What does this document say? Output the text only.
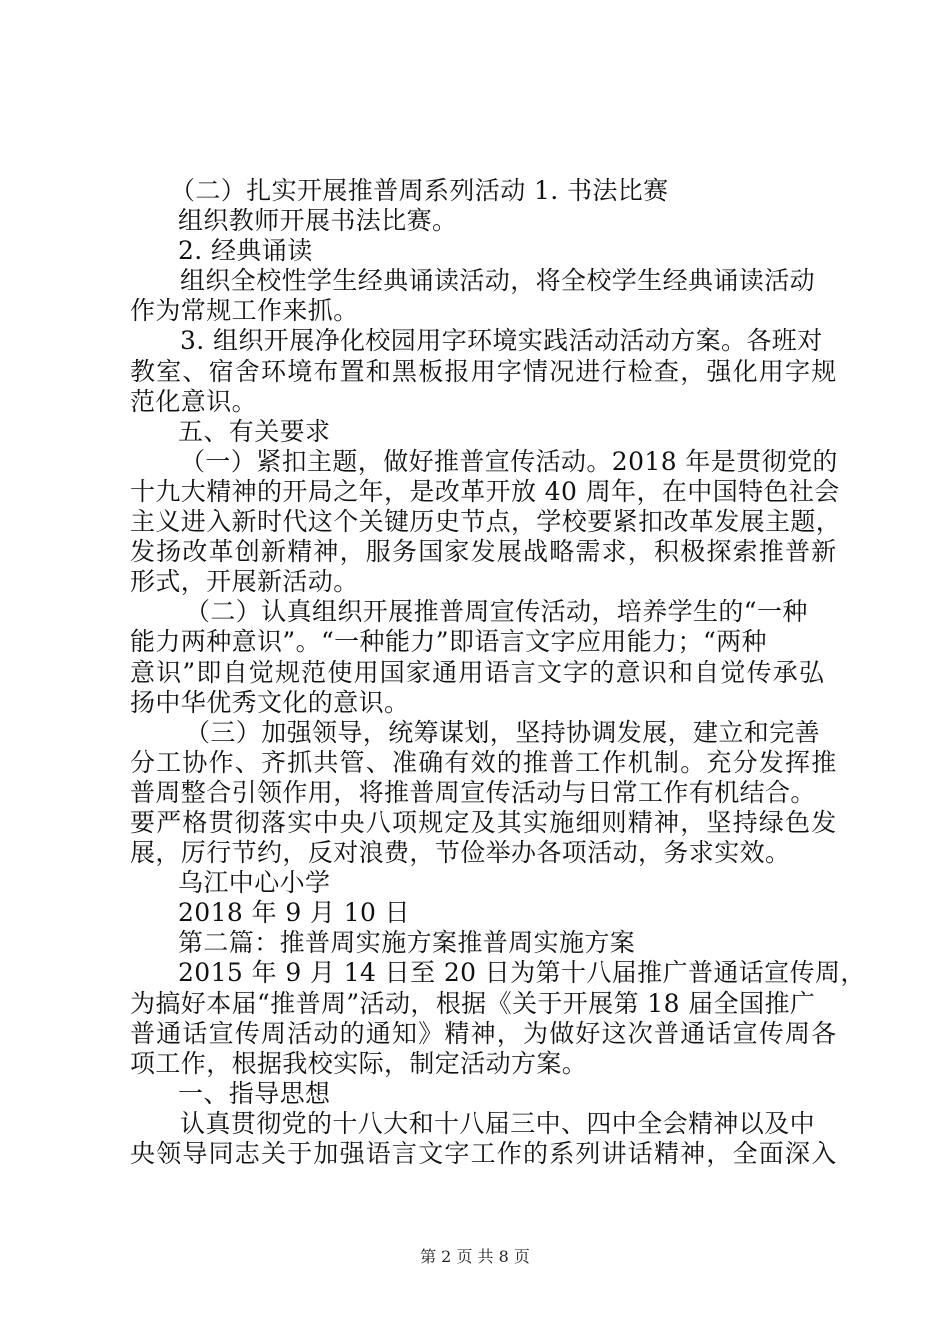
（二）扎实开展推普周系列活动 1. 书法比赛
组织教师开展书法比赛。
2. 经典诵读
组织全校性学生经典诵读活动，将全校学生经典诵读活动
作为常规工作来抓。
3. 组织开展净化校园用字环境实践活动活动方案。各班对
教室、宿舍环境布置和黑板报用字情况进行检查，强化用字规
范化意识。
五、有关要求
（一）紧扣主题，做好推普宣传活动。2018 年是贯彻党的
十九大精神的开局之年，是改革开放 40 周年，在中国特色社会
主义进入新时代这个关键历史节点，学校要紧扣改革发展主题，
发扬改革创新精神，服务国家发展战略需求，积极探索推普新
形式，开展新活动。
（二）认真组织开展推普周宣传活动，培养学生的“一种
能力两种意识”。“一种能力”即语言文字应用能力；“两种
意识”即自觉规范使用国家通用语言文字的意识和自觉传承弘
扬中华优秀文化的意识。
（三）加强领导，统筹谋划，坚持协调发展，建立和完善
分工协作、齐抓共管、准确有效的推普工作机制。充分发挥推
普周整合引领作用，将推普周宣传活动与日常工作有机结合。
要严格贯彻落实中央八项规定及其实施细则精神，坚持绿色发
展，厉行节约，反对浪费，节俭举办各项活动，务求实效。
乌江中心小学
2018 年 9 月 10 日
第二篇：推普周实施方案推普周实施方案
2015 年 9 月 14 日至 20 日为第十八届推广普通话宣传周，
为搞好本届“推普周”活动，根据《关于开展第 18 届全国推广
普通话宣传周活动的通知》精神，为做好这次普通话宣传周各
项工作，根据我校实际，制定活动方案。
一、指导思想
认真贯彻党的十八大和十八届三中、四中全会精神以及中
央领导同志关于加强语言文字工作的系列讲话精神，全面深入
第 2 页 共 8 页
